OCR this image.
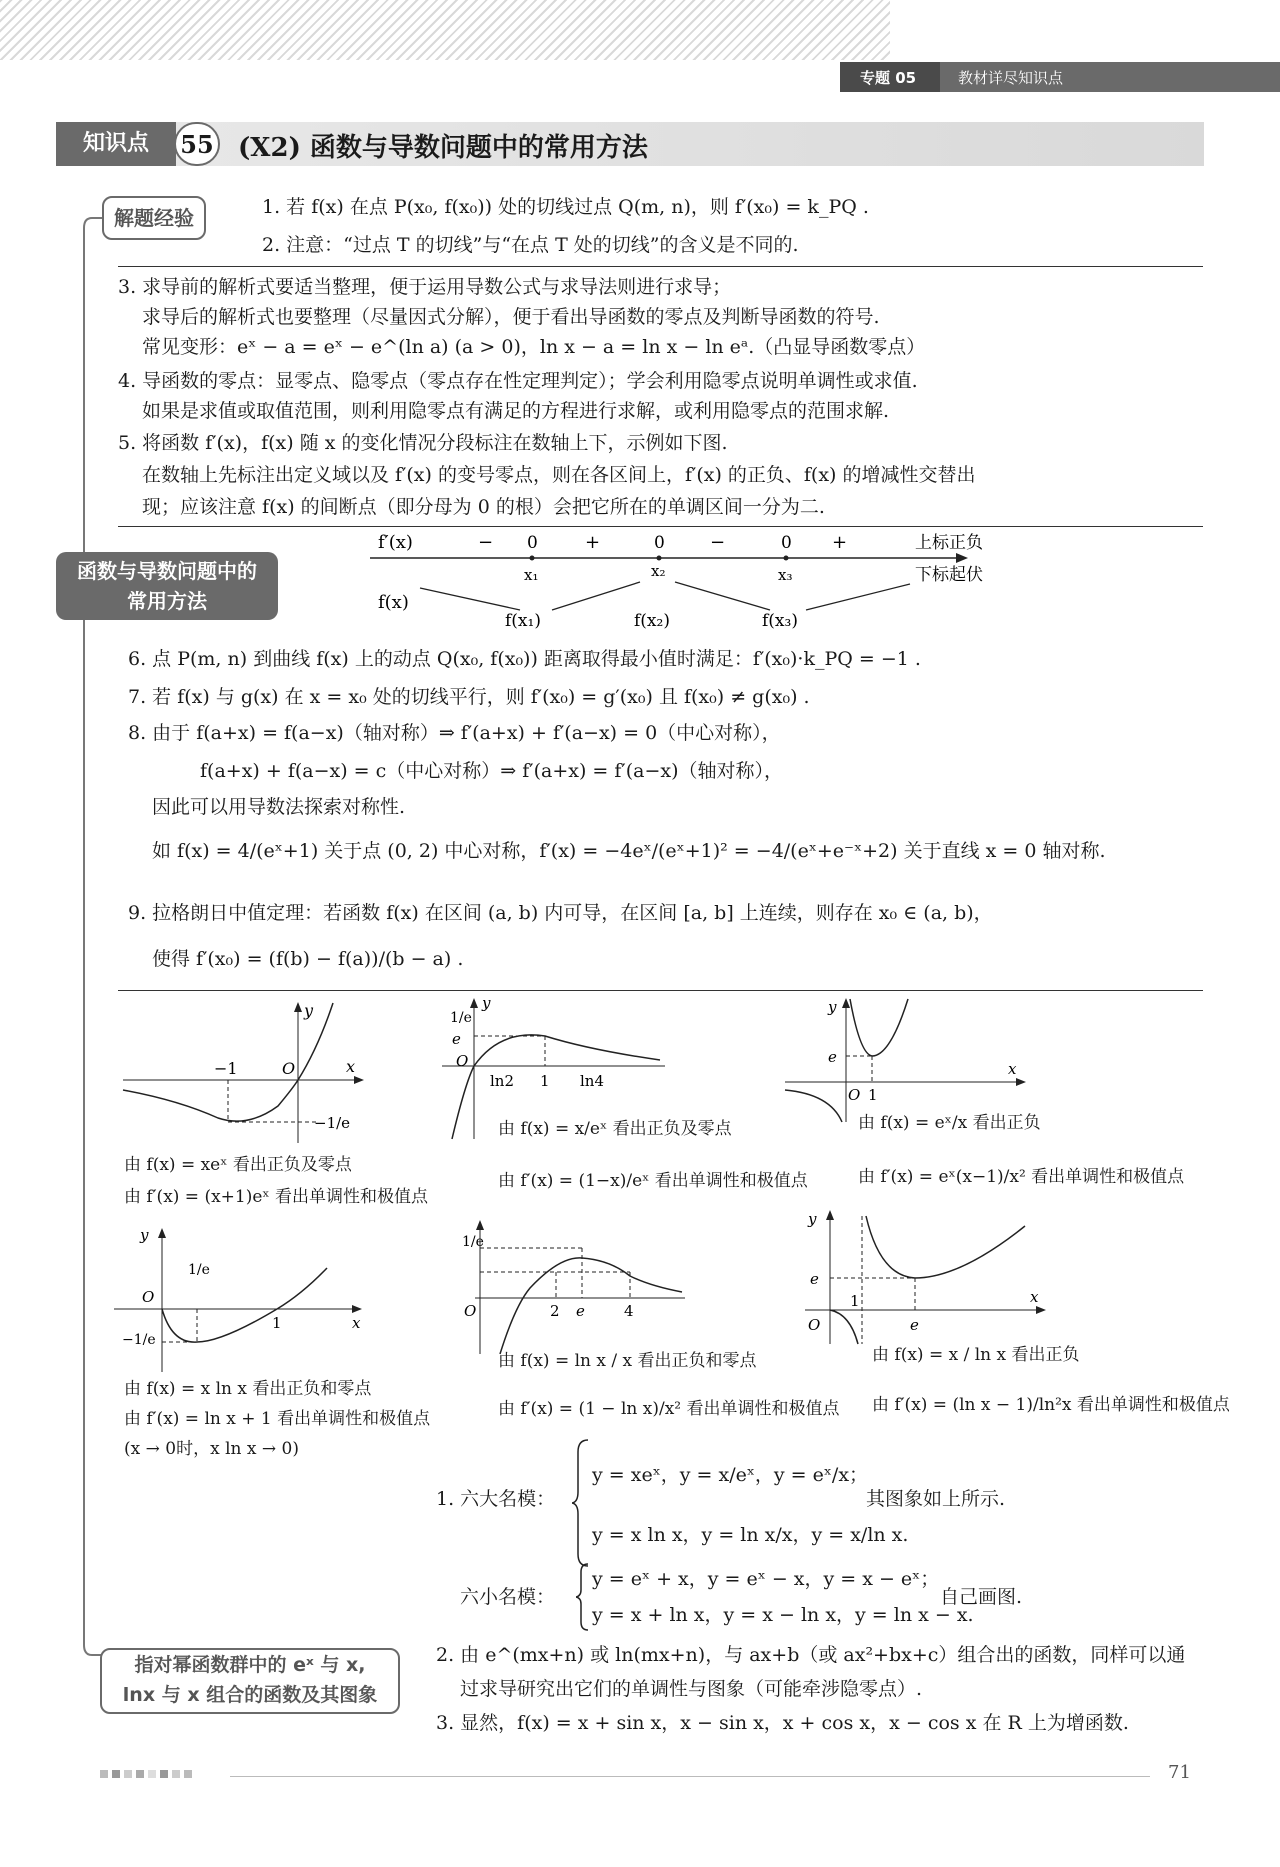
专题 05	教材详尽知识点
知识点	55 (X2) 函数与导数问题中的常用方法
解题经验
函数与导数问题中的
常用方法
指对幂函数群中的 eˣ 与 x,
lnx 与 x 组合的函数及其图象
1. 若 f(x) 在点 P(x₀, f(x₀)) 处的切线过点 Q(m, n)，则 f′(x₀) = k_PQ .
2. 注意：“过点 T 的切线”与“在点 T 处的切线”的含义是不同的.
3. 求导前的解析式要适当整理，便于运用导数公式与求导法则进行求导；
求导后的解析式也要整理（尽量因式分解），便于看出导函数的零点及判断导函数的符号.
常见变形：eˣ − a = eˣ − e^(ln a) (a > 0)，ln x − a = ln x − ln eᵃ.（凸显导函数零点）
4. 导函数的零点：显零点、隐零点（零点存在性定理判定）；学会利用隐零点说明单调性或求值.
如果是求值或取值范围，则利用隐零点有满足的方程进行求解，或利用隐零点的范围求解.
5. 将函数 f′(x)，f(x) 随 x 的变化情况分段标注在数轴上下，示例如下图.
在数轴上先标注出定义域以及 f′(x) 的变号零点，则在各区间上，f′(x) 的正负、f(x) 的增减性交替出
现；应该注意 f(x) 的间断点（即分母为 0 的根）会把它所在的单调区间一分为二.
f′(x)
f(x)
−	+	−	+
0	0	0
x₁	x₂	x₃
上标正负
下标起伏
f(x₁)	f(x₂)	f(x₃)
6. 点 P(m, n) 到曲线 f(x) 上的动点 Q(x₀, f(x₀)) 距离取得最小值时满足：f′(x₀)·k_PQ = −1 .
7. 若 f(x) 与 g(x) 在 x = x₀ 处的切线平行，则 f′(x₀) = g′(x₀) 且 f(x₀) ≠ g(x₀) .
8. 由于 f(a+x) = f(a−x)（轴对称）⇒ f′(a+x) + f′(a−x) = 0（中心对称），
f(a+x) + f(a−x) = c（中心对称）⇒ f′(a+x) = f′(a−x)（轴对称），
因此可以用导数法探索对称性.
如 f(x) = 4/(eˣ+1) 关于点 (0, 2) 中心对称，f′(x) = −4eˣ/(eˣ+1)² = −4/(eˣ+e⁻ˣ+2) 关于直线 x = 0 轴对称.
9. 拉格朗日中值定理：若函数 f(x) 在区间 (a, b) 内可导，在区间 [a, b] 上连续，则存在 x₀ ∈ (a, b)，
使得 f′(x₀) = (f(b) − f(a))/(b − a) .
−1	O	x
y
−1/e
由 f(x) = xeˣ 看出正负及零点
由 f′(x) = (x+1)eˣ 看出单调性和极值点
1/e
e
O
ln2 1 ln4
y
由 f(x) = x/eˣ 看出正负及零点
由 f′(x) = (1−x)/eˣ 看出单调性和极值点
y
e
O 1
x
由 f(x) = eˣ/x 看出正负
由 f′(x) = eˣ(x−1)/x² 看出单调性和极值点
y
1/e
O
−1/e
1	x
由 f(x) = x ln x 看出正负和零点
由 f′(x) = ln x + 1 看出单调性和极值点
(x → 0时，x ln x → 0)
1/e
O	2 e	4
由 f(x) = ln x / x 看出正负和零点
由 f′(x) = (1 − ln x)/x² 看出单调性和极值点
y
e
1
O	e
x
由 f(x) = x / ln x 看出正负
由 f′(x) = (ln x − 1)/ln²x 看出单调性和极值点
1. 六大名模：
y = xeˣ，y = x/eˣ，y = eˣ/x；
y = x ln x，y = ln x/x，y = x/ln x.
其图象如上所示.
六小名模：
y = eˣ + x，y = eˣ − x，y = x − eˣ；
y = x + ln x，y = x − ln x，y = ln x − x.
自己画图.
2. 由 e^(mx+n) 或 ln(mx+n)，与 ax+b（或 ax²+bx+c）组合出的函数，同样可以通
过求导研究出它们的单调性与图象（可能牵涉隐零点）.
3. 显然，f(x) = x + sin x，x − sin x，x + cos x，x − cos x 在 R 上为增函数.
71
